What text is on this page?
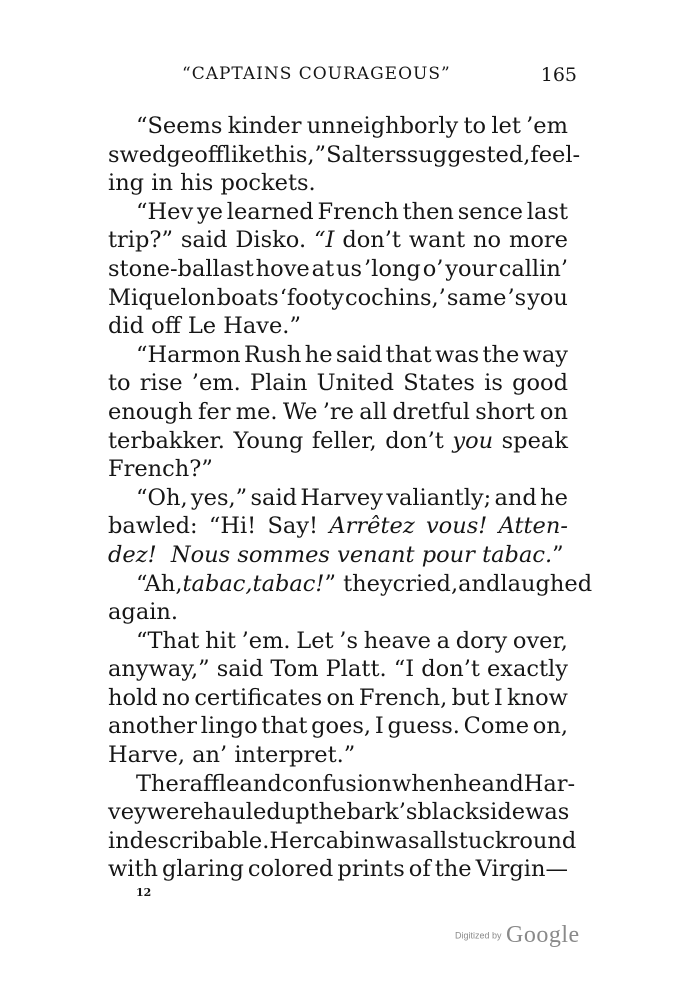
“CAPTAINS COURAGEOUS”	165
“Seems kinder unneighborly to let ’em
swedge off like this,” Salters suggested, feel-
ing in his pockets.
“Hev ye learned French then sence last
trip?” said Disko. “I don’t want no more
stone-ballast hove at us ’long o’ your callin’
Miquelon boats ‘footy cochins,’ same ’s you
did off Le Have.”
“Harmon Rush he said that was the way
to rise ’em. Plain United States is good
enough fer me. We ’re all dretful short on
terbakker. Young feller, don’t you speak
French?”
“Oh, yes,” said Harvey valiantly; and he
bawled: “Hi! Say! Arrêtez vous! Atten-
dez!  Nous sommes venant pour tabac. ”
“Ah, tabac, tabac! ” they cried, and laughed
again.
“That hit ’em. Let ’s heave a dory over,
anyway,” said Tom Platt. “I don’t exactly
hold no certificates on French, but I know
another lingo that goes, I guess. Come on,
Harve, an’ interpret.”
The raffle and confusion when he and Har-
vey were hauled up the bark’s black side was
indescribable. Her cabin was all stuck round
with glaring colored prints of the Virgin—
12
Digitized by Google
